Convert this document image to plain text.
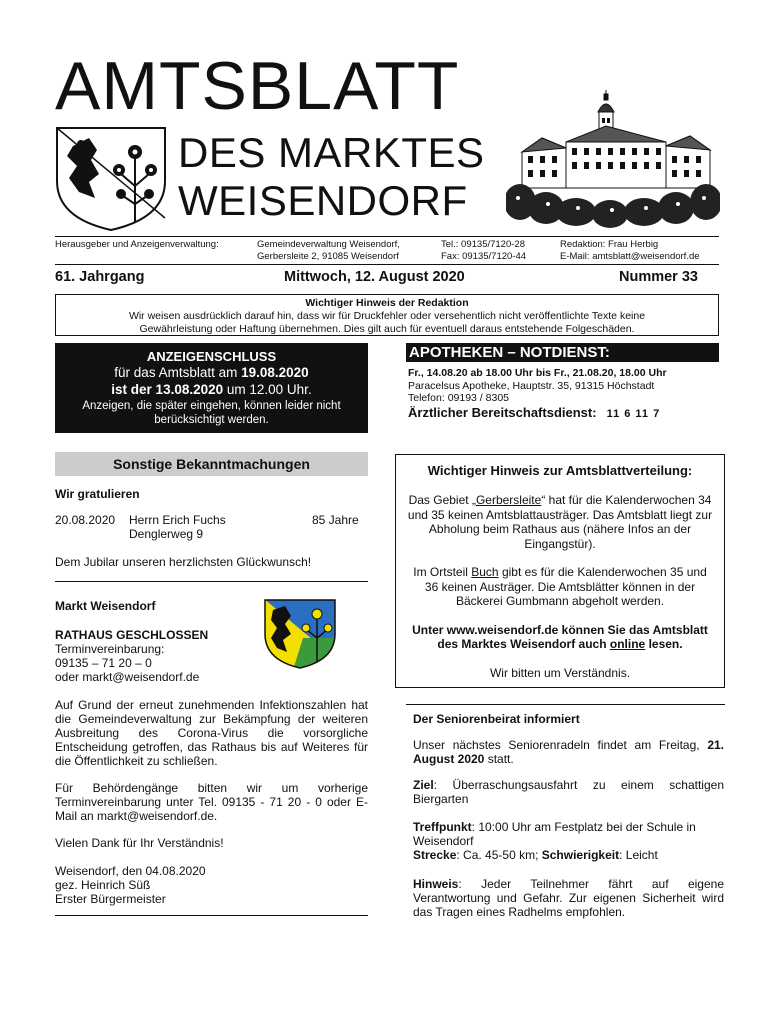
AMTSBLATT
DES MARKTES
WEISENDORF
Herausgeber und Anzeigenverwaltung:	Gemeindeverwaltung Weisendorf,
Gerbersleite 2, 91085 Weisendorf
Tel.: 09135/7120-28
Fax: 09135/7120-44
Redaktion: Frau Herbig
E-Mail: amtsblatt@weisendorf.de
61. Jahrgang	Mittwoch, 12. August 2020	Nummer 33
Wichtiger Hinweis der Redaktion
Wir weisen ausdrücklich darauf hin, dass wir für Druckfehler oder versehentlich nicht veröffentlichte Texte keine
Gewährleistung oder Haftung übernehmen. Dies gilt auch für eventuell daraus entstehende Folgeschäden.
ANZEIGENSCHLUSS
für das Amtsblatt am 19.08.2020
ist der 13.08.2020 um 12.00 Uhr.
Anzeigen, die später eingehen, können leider nicht
berücksichtigt werden.
APOTHEKEN – NOTDIENST:
Fr., 14.08.20 ab 18.00 Uhr bis Fr., 21.08.20, 18.00 Uhr
Paracelsus Apotheke, Hauptstr. 35, 91315 Höchstadt
Telefon: 09193 / 8305
Ärztlicher Bereitschaftsdienst: 11 6 11 7
Sonstige Bekanntmachungen
Wir gratulieren
20.08.2020 Herrn Erich Fuchs
Denglerweg 9
85 Jahre
Dem Jubilar unseren herzlichsten Glückwunsch!
Markt Weisendorf
RATHAUS GESCHLOSSEN
Terminvereinbarung:
09135 – 71 20 – 0
oder markt@weisendorf.de
Auf Grund der erneut zunehmenden Infektionszahlen hat die Gemeindeverwaltung zur Bekämpfung der weiteren Ausbreitung des Corona-Virus die vorsorgliche Entscheidung getroffen, das Rathaus bis auf Weiteres für die Öffentlichkeit zu schließen.
Für Behördengänge bitten wir um vorherige Terminvereinbarung unter Tel. 09135 - 71 20 - 0 oder E-Mail an markt@weisendorf.de.
Vielen Dank für Ihr Verständnis!
Weisendorf, den 04.08.2020
gez. Heinrich Süß
Erster Bürgermeister
Wichtiger Hinweis zur Amtsblattverteilung:
Das Gebiet „Gerbersleite“ hat für die Kalenderwochen 34 und 35 keinen Amtsblattausträger. Das Amtsblatt liegt zur Abholung beim Rathaus aus (nähere Infos an der Eingangstür).
Im Ortsteil Buch gibt es für die Kalenderwochen 35 und 36 keinen Austräger. Die Amtsblätter können in der Bäckerei Gumbmann abgeholt werden.
Unter www.weisendorf.de können Sie das Amtsblatt des Marktes Weisendorf auch online lesen.
Wir bitten um Verständnis.
Der Seniorenbeirat informiert
Unser nächstes Seniorenradeln findet am Freitag, 21. August 2020 statt.
Ziel: Überraschungsausfahrt zu einem schattigen Biergarten
Treffpunkt: 10:00 Uhr am Festplatz bei der Schule in Weisendorf
Strecke: Ca. 45-50 km; Schwierigkeit: Leicht
Hinweis: Jeder Teilnehmer fährt auf eigene Verantwortung und Gefahr. Zur eigenen Sicherheit wird das Tragen eines Radhelms empfohlen.
